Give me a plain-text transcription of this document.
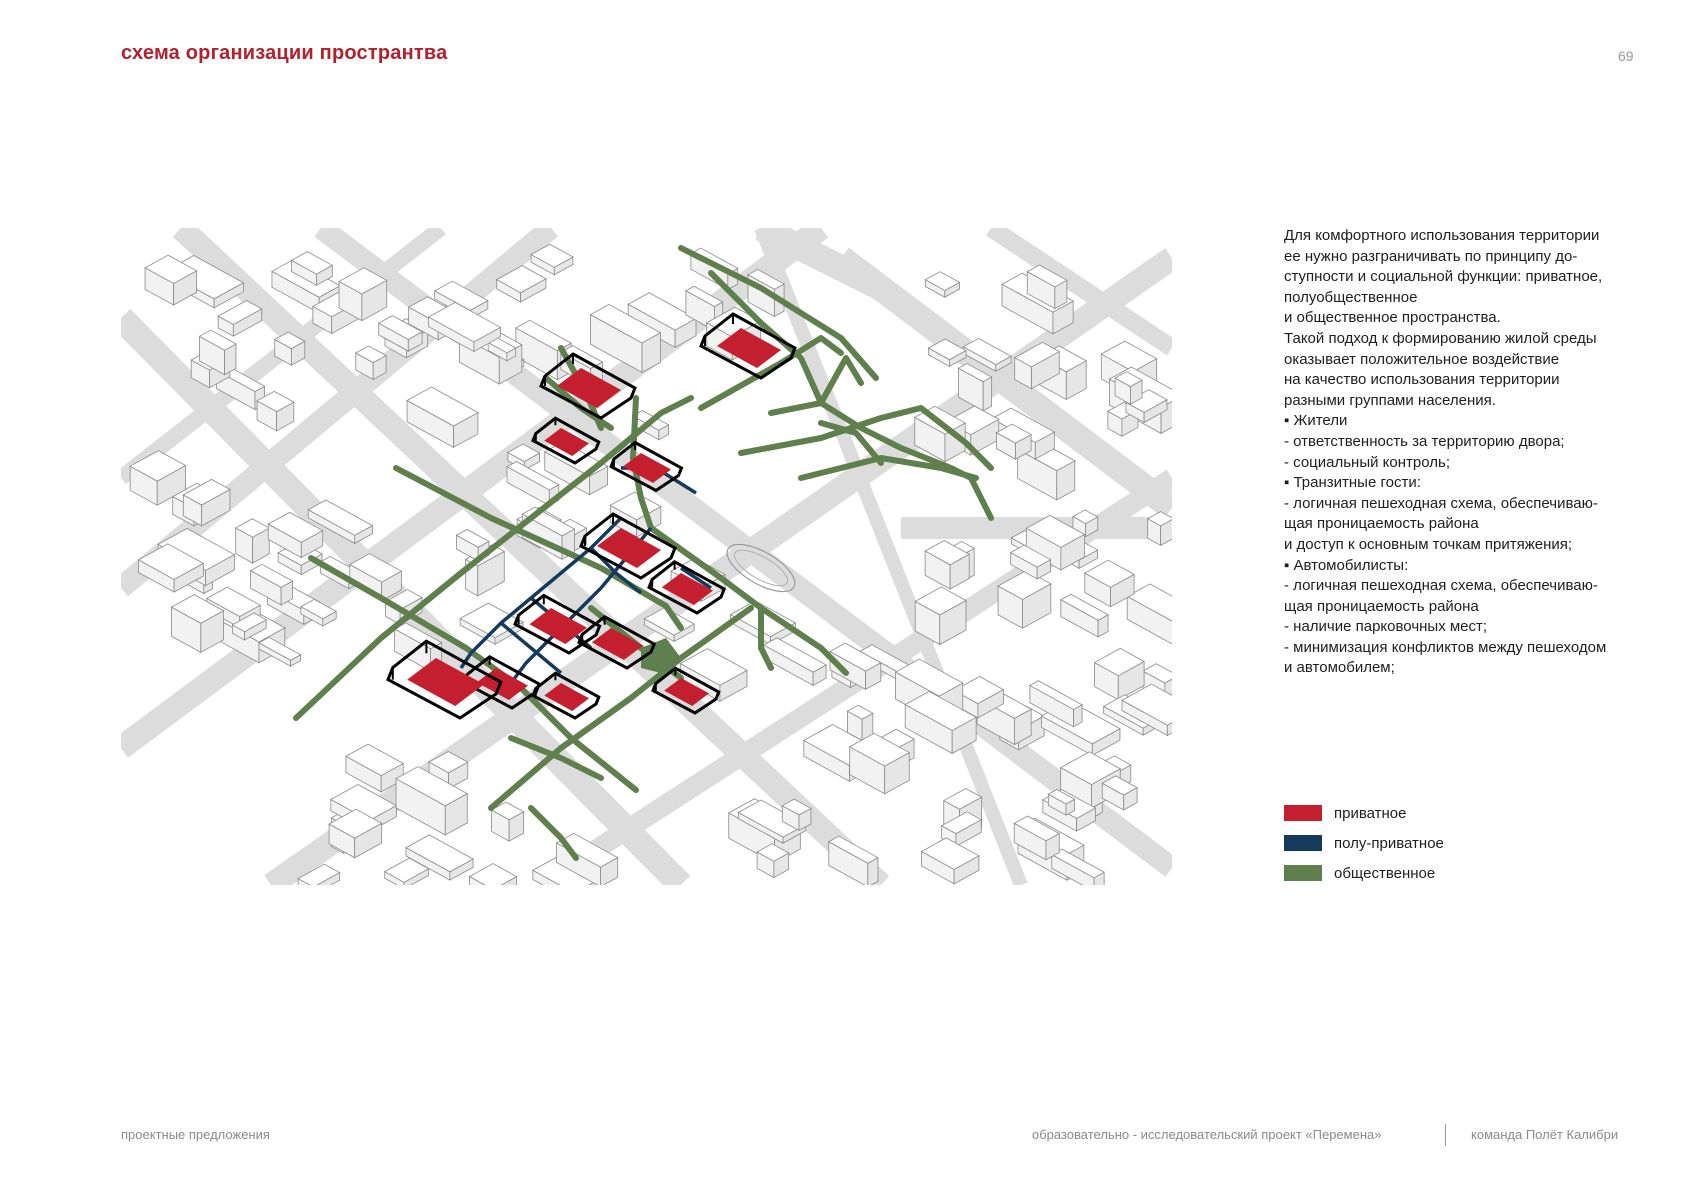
схема организации пространтва	69

Для комфортного использования территории

ее нужно разграничивать по принципу до-

ступности и социальной функции: приватное,

полуобщественное

и общественное пространства.

Такой подход к формированию жилой среды

оказывает положительное воздействие

на качество использования территории

разными группами населения.

▪ Жители

- ответственность за территорию двора;

- социальный контроль;

▪ Транзитные гости:

- логичная пешеходная схема, обеспечиваю-

щая проницаемость района

и доступ к основным точкам притяжения;

▪ Автомобилисты:

- логичная пешеходная схема, обеспечиваю-

щая проницаемость района

- наличие парковочных мест;

- минимизация конфликтов между пешеходом

и автомобилем;

приватное
полу-приватное
общественное
проектные предложения	образовательно - исследовательский проект «Перемена»	команда Полёт Калибри
